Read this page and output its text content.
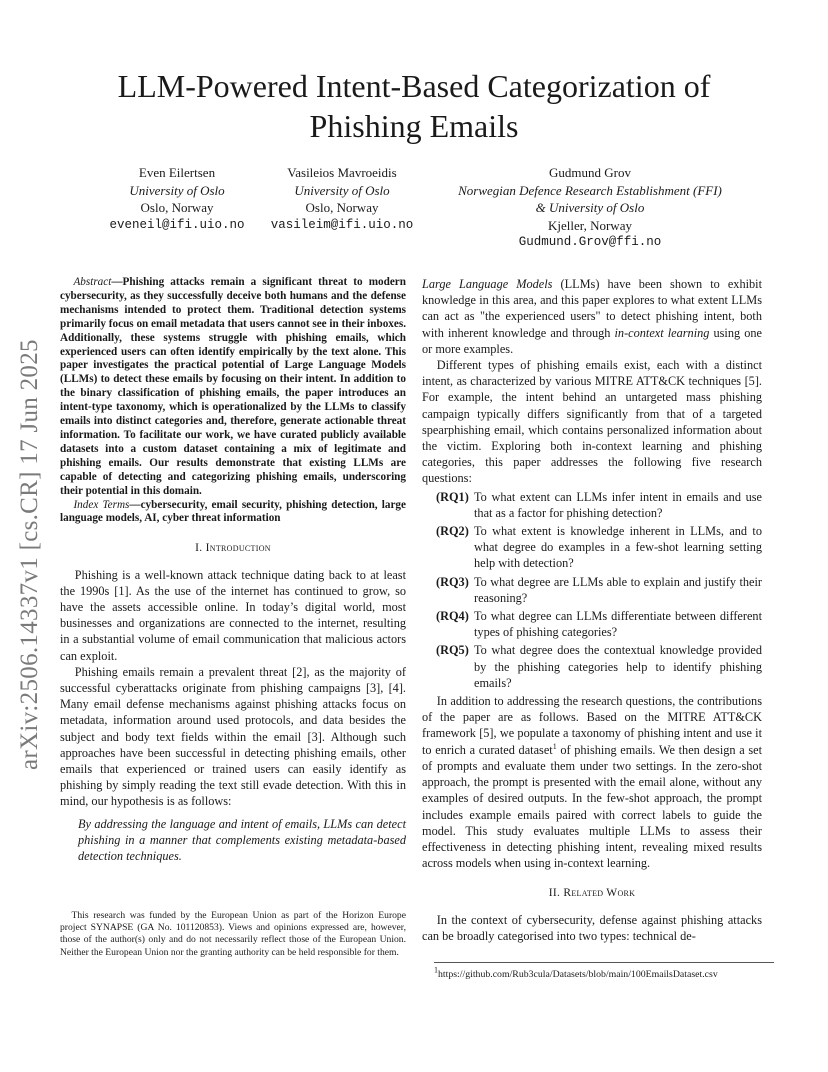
arXiv:2506.14337v1 [cs.CR] 17 Jun 2025
LLM-Powered Intent-Based Categorization of
Phishing Emails
Even Eilertsen
University of Oslo
Oslo, Norway
eveneil@ifi.uio.no
Vasileios Mavroeidis
University of Oslo
Oslo, Norway
vasileim@ifi.uio.no
Gudmund Grov
Norwegian Defence Research Establishment (FFI)
& University of Oslo
Kjeller, Norway
Gudmund.Grov@ffi.no

Abstract—Phishing attacks remain a significant threat to modern cybersecurity, as they successfully deceive both humans and the defense mechanisms intended to protect them. Traditional detection systems primarily focus on email metadata that users cannot see in their inboxes. Additionally, these systems struggle with phishing emails, which experienced users can often identify empirically by the text alone. This paper investigates the practical potential of Large Language Models (LLMs) to detect these emails by focusing on their intent. In addition to the binary classification of phishing emails, the paper introduces an intent-type taxonomy, which is operationalized by the LLMs to classify emails into distinct categories and, therefore, generate actionable threat information. To facilitate our work, we have curated publicly available datasets into a custom dataset containing a mix of legitimate and phishing emails. Our results demonstrate that existing LLMs are capable of detecting and categorizing phishing emails, underscoring their potential in this domain.

Index Terms—cybersecurity, email security, phishing detection, large language models, AI, cyber threat information

I. Introduction

Phishing is a well-known attack technique dating back to at least the 1990s [1]. As the use of the internet has continued to grow, so have the assets accessible online. In today’s digital world, most businesses and organizations are connected to the internet, resulting in a substantial volume of email communication that malicious actors can exploit.

Phishing emails remain a prevalent threat [2], as the majority of successful cyberattacks originate from phishing campaigns [3], [4]. Many email defense mechanisms against phishing attacks focus on metadata, information around used protocols, and data besides the subject and body text fields within the email [3]. Although such approaches have been successful in detecting phishing emails, other emails that experienced or trained users can easily identify as phishing by simply reading the text still evade detection. With this in mind, our hypothesis is as follows:

By addressing the language and intent of emails, LLMs can detect phishing in a manner that complements existing metadata-based detection techniques.

This research was funded by the European Union as part of the Horizon Europe project SYNAPSE (GA No. 101120853). Views and opinions expressed are, however, those of the author(s) only and do not necessarily reflect those of the European Union. Neither the European Union nor the granting authority can be held responsible for them.

Large Language Models (LLMs) have been shown to exhibit knowledge in this area, and this paper explores to what extent LLMs can act as "the experienced users" to detect phishing intent, both with inherent knowledge and through in-context learning using one or more examples.

Different types of phishing emails exist, each with a distinct intent, as characterized by various MITRE ATT&CK techniques [5]. For example, the intent behind an untargeted mass phishing campaign typically differs significantly from that of a targeted spearphishing email, which contains personalized information about the victim. Exploring both in-context learning and phishing categories, this paper addresses the following five research questions:

(RQ1) To what extent can LLMs infer intent in emails and use that as a factor for phishing detection?

(RQ2) To what extent is knowledge inherent in LLMs, and to what degree do examples in a few-shot learning setting help with detection?

(RQ3) To what degree are LLMs able to explain and justify their reasoning?

(RQ4) To what degree can LLMs differentiate between different types of phishing categories?

(RQ5) To what degree does the contextual knowledge provided by the phishing categories help to identify phishing emails?

In addition to addressing the research questions, the contributions of the paper are as follows. Based on the MITRE ATT&CK framework [5], we populate a taxonomy of phishing intent and use it to enrich a curated dataset$^1$ of phishing emails. We then design a set of prompts and evaluate them under two settings. In the zero-shot approach, the prompt is presented with the email alone, without any examples of desired outputs. In the few-shot approach, the prompt includes example emails paired with correct labels to guide the model. This study evaluates multiple LLMs to assess their effectiveness in detecting phishing intent, revealing mixed results across models when using in-context learning.

II. Related Work

In the context of cybersecurity, defense against phishing attacks can be broadly categorised into two types: technical de-

$^1$https://github.com/Rub3cula/Datasets/blob/main/100EmailsDataset.csv
